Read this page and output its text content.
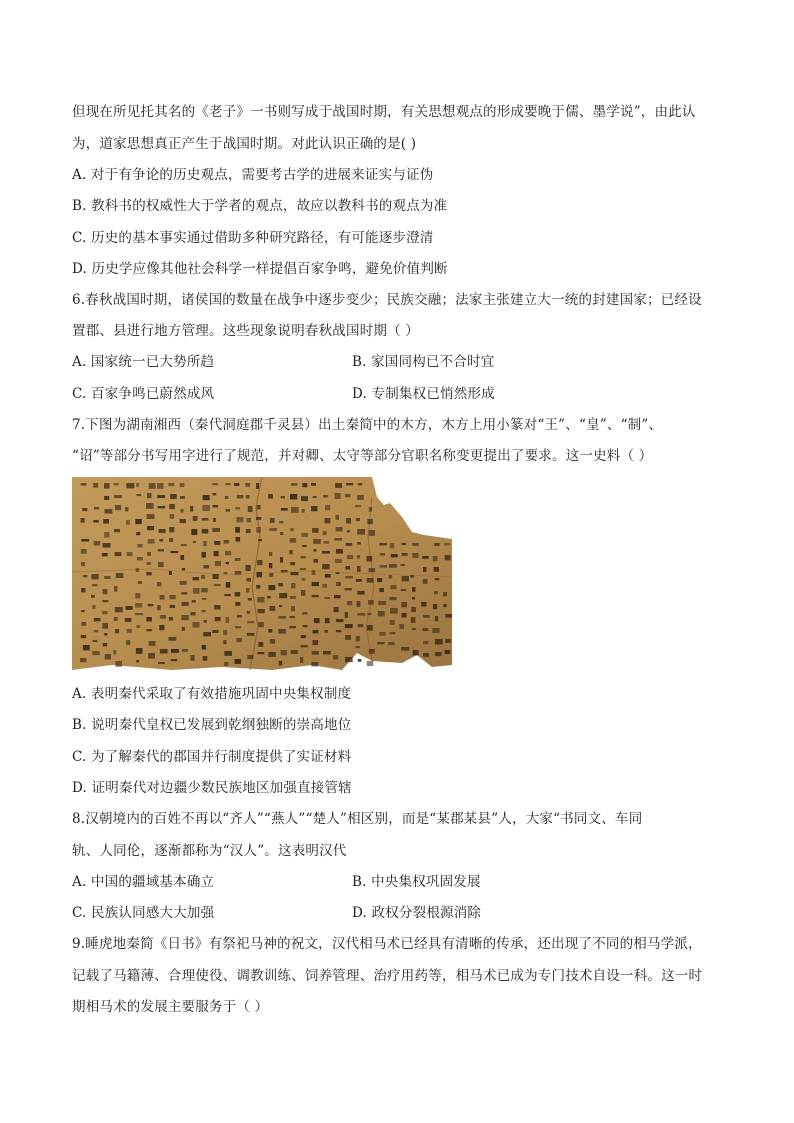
但现在所见托其名的《老子》一书则写成于战国时期，有关思想观点的形成要晚于儒、墨学说”，由此认
为，道家思想真正产生于战国时期。对此认识正确的是( )
A. 对于有争论的历史观点，需要考古学的进展来证实与证伪
B. 教科书的权威性大于学者的观点，故应以教科书的观点为准
C. 历史的基本事实通过借助多种研究路径，有可能逐步澄清
D. 历史学应像其他社会科学一样提倡百家争鸣，避免价值判断
6.春秋战国时期，诸侯国的数量在战争中逐步变少；民族交融；法家主张建立大一统的封建国家；已经设
置郡、县进行地方管理。这些现象说明春秋战国时期（ ）
A. 国家统一已大势所趋	B. 家国同构已不合时宜
C. 百家争鸣已蔚然成风	D. 专制集权已悄然形成
7.下图为湖南湘西（秦代洞庭郡千灵县）出土秦简中的木方，木方上用小篆对“王”、“皇”、“制”、
“诏”等部分书写用字进行了规范，并对卿、太守等部分官职名称变更提出了要求。这一史料（ ）
A. 表明秦代采取了有效措施巩固中央集权制度
B. 说明秦代皇权已发展到乾纲独断的崇高地位
C. 为了解秦代的郡国并行制度提供了实证材料
D. 证明秦代对边疆少数民族地区加强直接管辖
8.汉朝境内的百姓不再以“齐人”“燕人”“楚人”相区别，而是“某郡某县”人，大家“书同文、车同
轨、人同伦，逐渐都称为“汉人”。这表明汉代
A. 中国的疆域基本确立	B. 中央集权巩固发展
C. 民族认同感大大加强	D. 政权分裂根源消除
9.睡虎地秦简《日书》有祭祀马神的祝文，汉代相马术已经具有清晰的传承，还出现了不同的相马学派，
记载了马籍薄、合理使役、调教训练、饲养管理、治疗用药等，相马术已成为专门技术自设一科。这一时
期相马术的发展主要服务于（ ）
